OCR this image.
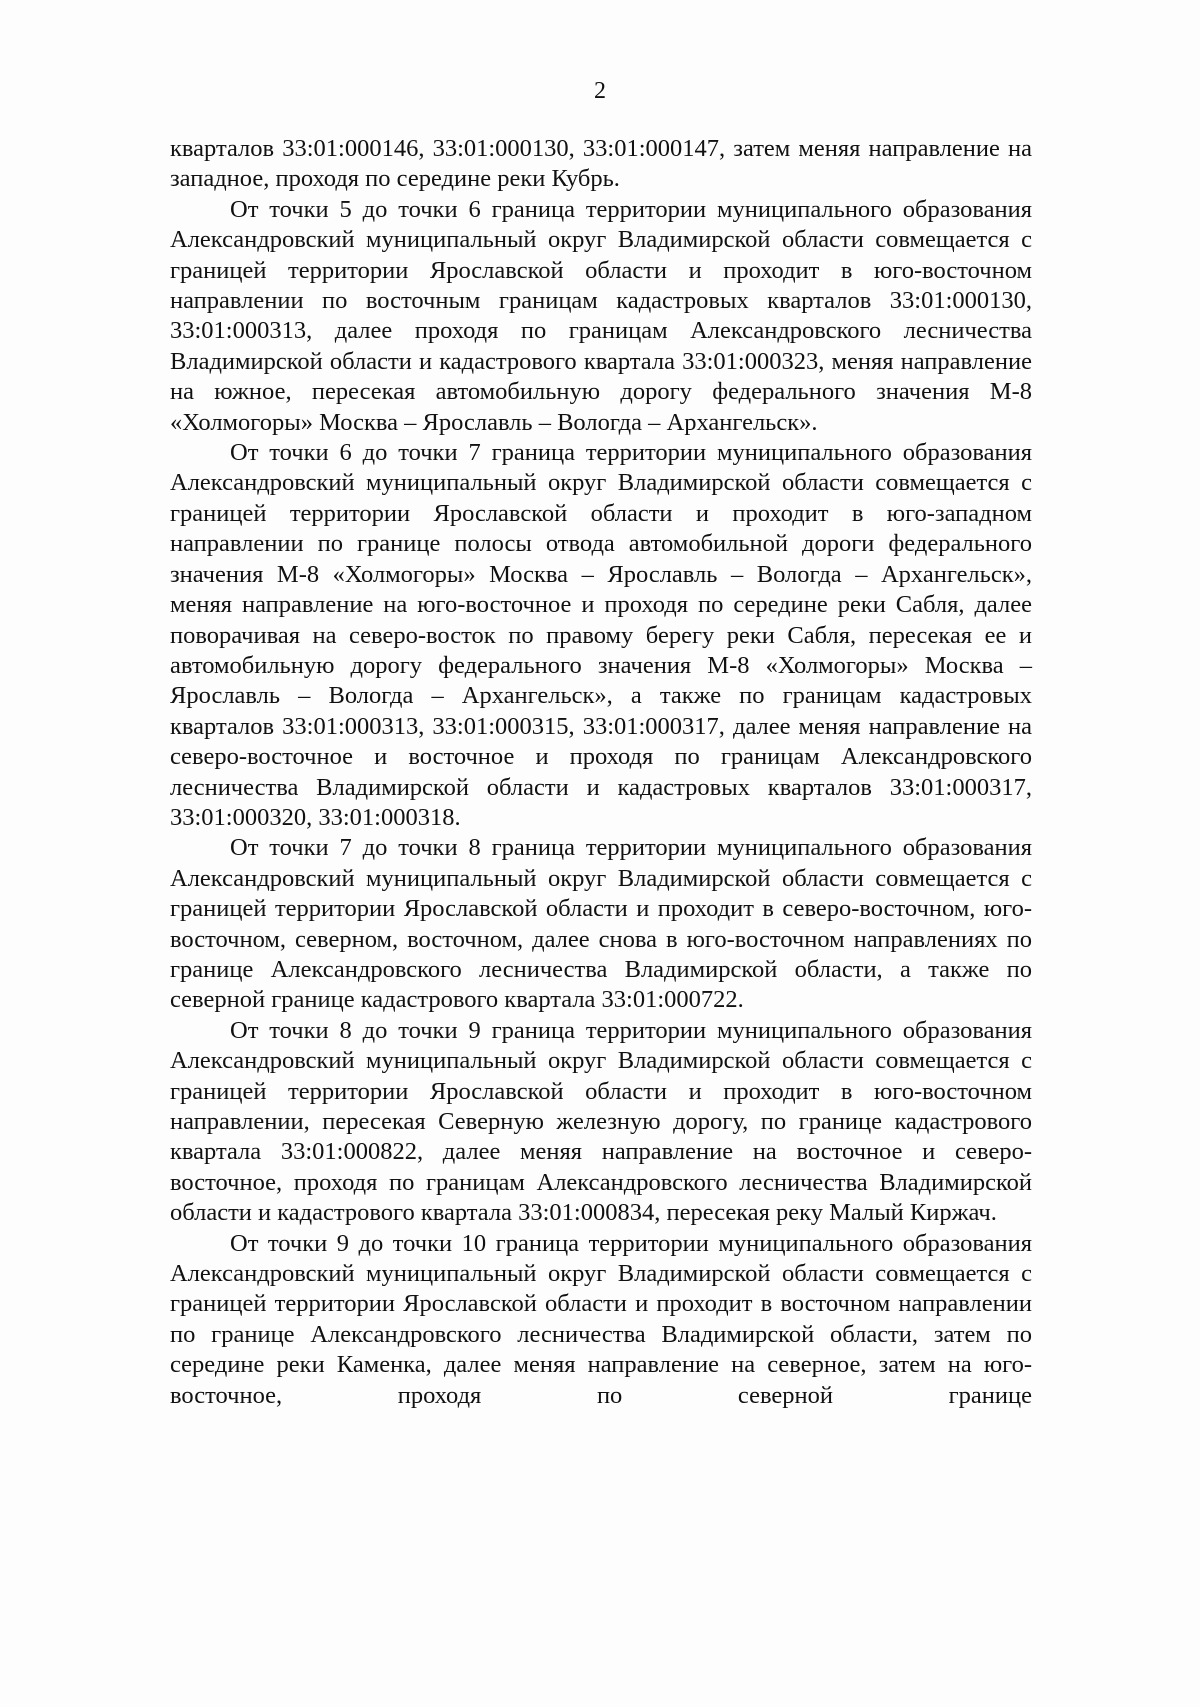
2

кварталов 33:01:000146, 33:01:000130, 33:01:000147, затем меняя направление на западное, проходя по середине реки Кубрь.

От точки 5 до точки 6 граница территории муниципального образования Александровский муниципальный округ Владимирской области совмещается с границей территории Ярославской области и проходит в юго-восточном направлении по восточным границам кадастровых кварталов 33:01:000130, 33:01:000313, далее проходя по границам Александровского лесничества Владимирской области и кадастрового квартала 33:01:000323, меняя направление на южное, пересекая автомобильную дорогу федерального значения М-8 «Холмогоры» Москва – Ярославль – Вологда – Архангельск».

От точки 6 до точки 7 граница территории муниципального образования Александровский муниципальный округ Владимирской области совмещается с границей территории Ярославской области и проходит в юго-западном направлении по границе полосы отвода автомобильной дороги федерального значения М-8 «Холмогоры» Москва – Ярославль – Вологда – Архангельск», меняя направление на юго-восточное и проходя по середине реки Сабля, далее поворачивая на северо-восток по правому берегу реки Сабля, пересекая ее и автомобильную дорогу федерального значения М-8 «Холмогоры» Москва – Ярославль – Вологда – Архангельск», а также по границам кадастровых кварталов 33:01:000313, 33:01:000315, 33:01:000317, далее меняя направление на северо-восточное и восточное и проходя по границам Александровского лесничества Владимирской области и кадастровых кварталов 33:01:000317, 33:01:000320, 33:01:000318.

От точки 7 до точки 8 граница территории муниципального образования Александровский муниципальный округ Владимирской области совмещается с границей территории Ярославской области и проходит в северо-восточном, юго-восточном, северном, восточном, далее снова в юго-восточном направлениях по границе Александровского лесничества Владимирской области, а также по северной границе кадастрового квартала 33:01:000722.

От точки 8 до точки 9 граница территории муниципального образования Александровский муниципальный округ Владимирской области совмещается с границей территории Ярославской области и проходит в юго-восточном направлении, пересекая Северную железную дорогу, по границе кадастрового квартала 33:01:000822, далее меняя направление на восточное и северо-восточное, проходя по границам Александровского лесничества Владимирской области и кадастрового квартала 33:01:000834, пересекая реку Малый Киржач.

От точки 9 до точки 10 граница территории муниципального образования Александровский муниципальный округ Владимирской области совмещается с границей территории Ярославской области и проходит в восточном направлении по границе Александровского лесничества Владимирской области, затем по середине реки Каменка, далее меняя направление на северное, затем на юго-восточное, проходя по северной границе
